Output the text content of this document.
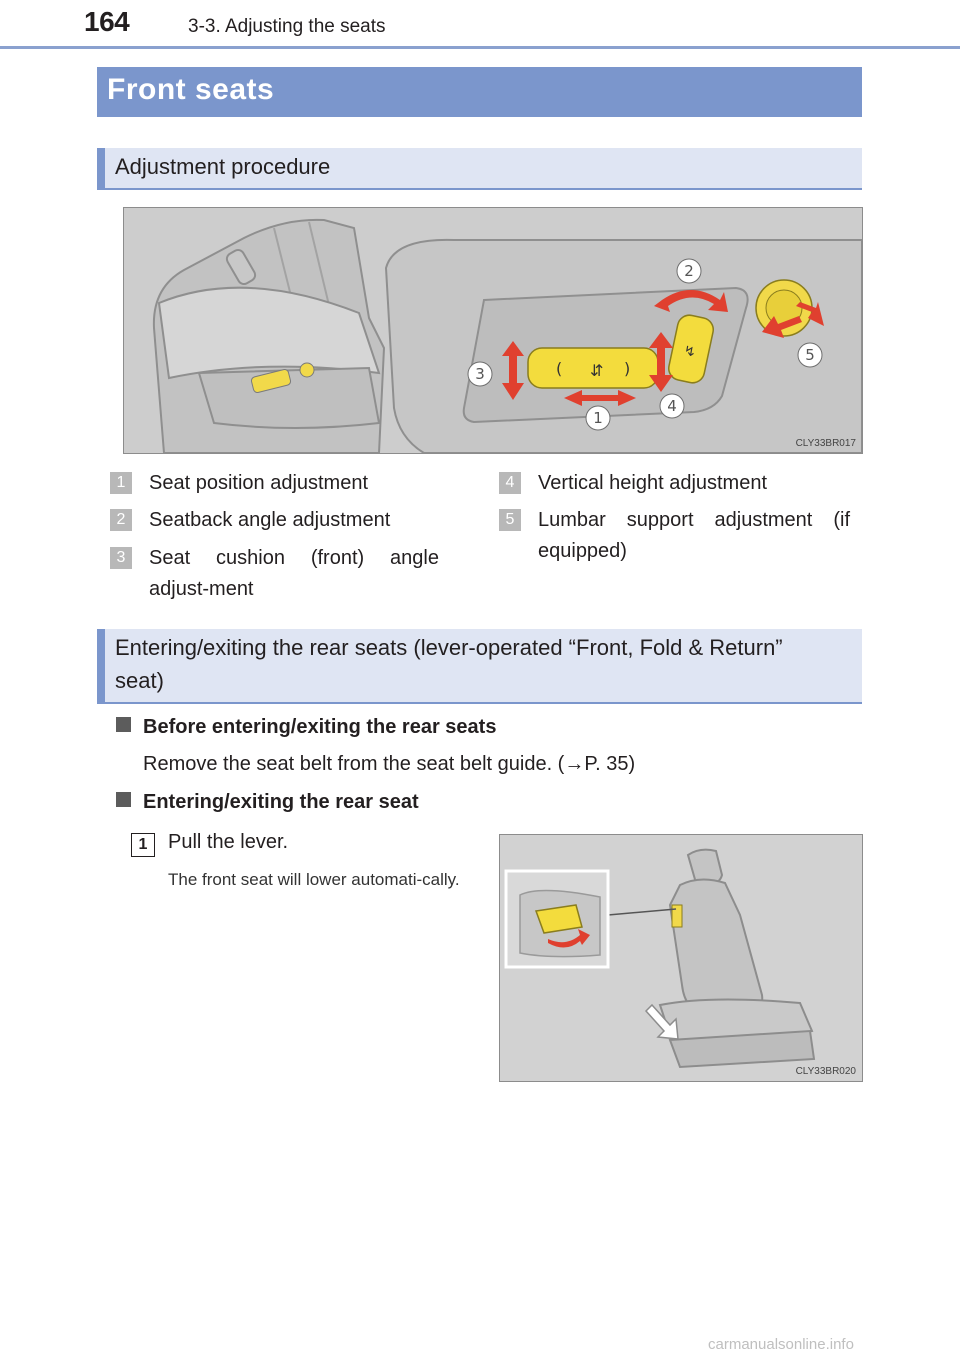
164	3-3. Adjusting the seats
Front seats
Adjustment procedure
( ⇵ )
↯
1
2
3
4
5
CLY33BR017
1	Seat position adjustment
2	Seatback angle adjustment
3	Seat cushion (front) angle adjust-ment
4	Vertical height adjustment
5	Lumbar support adjustment (if equipped)
Entering/exiting the rear seats (lever-operated “Front, Fold & Return”
seat)
Before entering/exiting the rear seats
Remove the seat belt from the seat belt guide. (→P. 35)
Entering/exiting the rear seat
1	Pull the lever.
The front seat will lower automati-cally.
CLY33BR020
carmanualsonline.info
